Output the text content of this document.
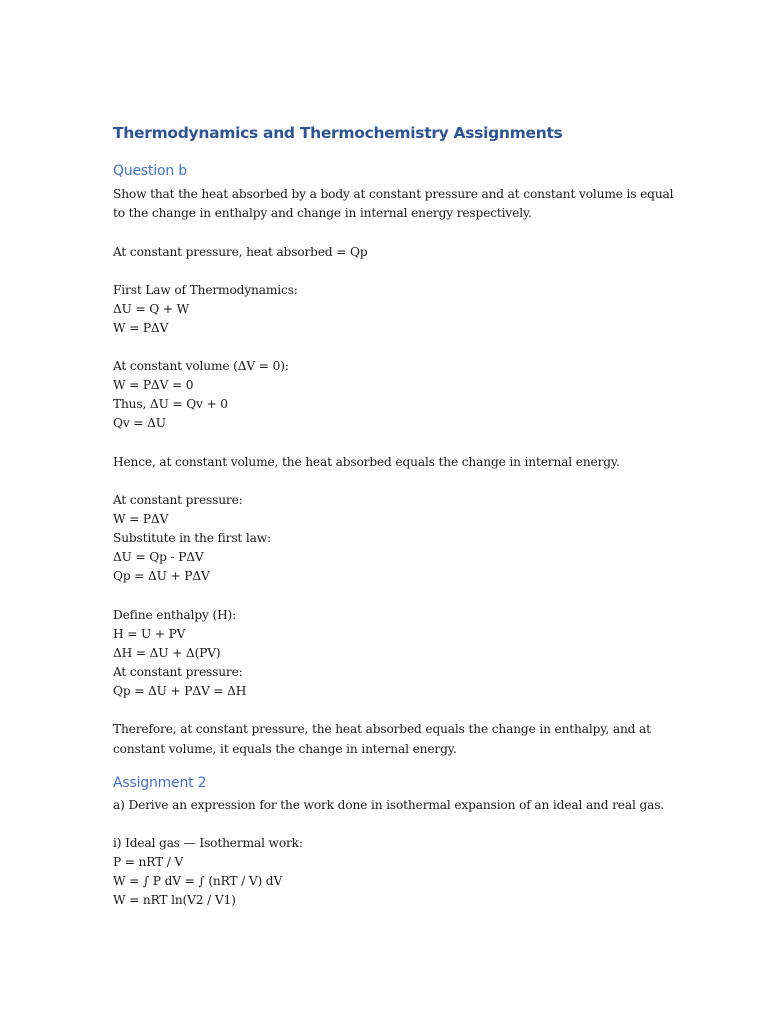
Thermodynamics and Thermochemistry Assignments
Question b
Show that the heat absorbed by a body at constant pressure and at constant volume is equal
to the change in enthalpy and change in internal energy respectively.
At constant pressure, heat absorbed = Qp
First Law of Thermodynamics:
ΔU = Q + W
W = PΔV
At constant volume (ΔV = 0):
W = PΔV = 0
Thus, ΔU = Qv + 0
Qv = ΔU
Hence, at constant volume, the heat absorbed equals the change in internal energy.
At constant pressure:
W = PΔV
Substitute in the first law:
ΔU = Qp - PΔV
Qp = ΔU + PΔV
Define enthalpy (H):
H = U + PV
ΔH = ΔU + Δ(PV)
At constant pressure:
Qp = ΔU + PΔV = ΔH
Therefore, at constant pressure, the heat absorbed equals the change in enthalpy, and at
constant volume, it equals the change in internal energy.
Assignment 2
a) Derive an expression for the work done in isothermal expansion of an ideal and real gas.
i) Ideal gas — Isothermal work:
P = nRT / V
W = ∫ P dV = ∫ (nRT / V) dV
W = nRT ln(V2 / V1)
